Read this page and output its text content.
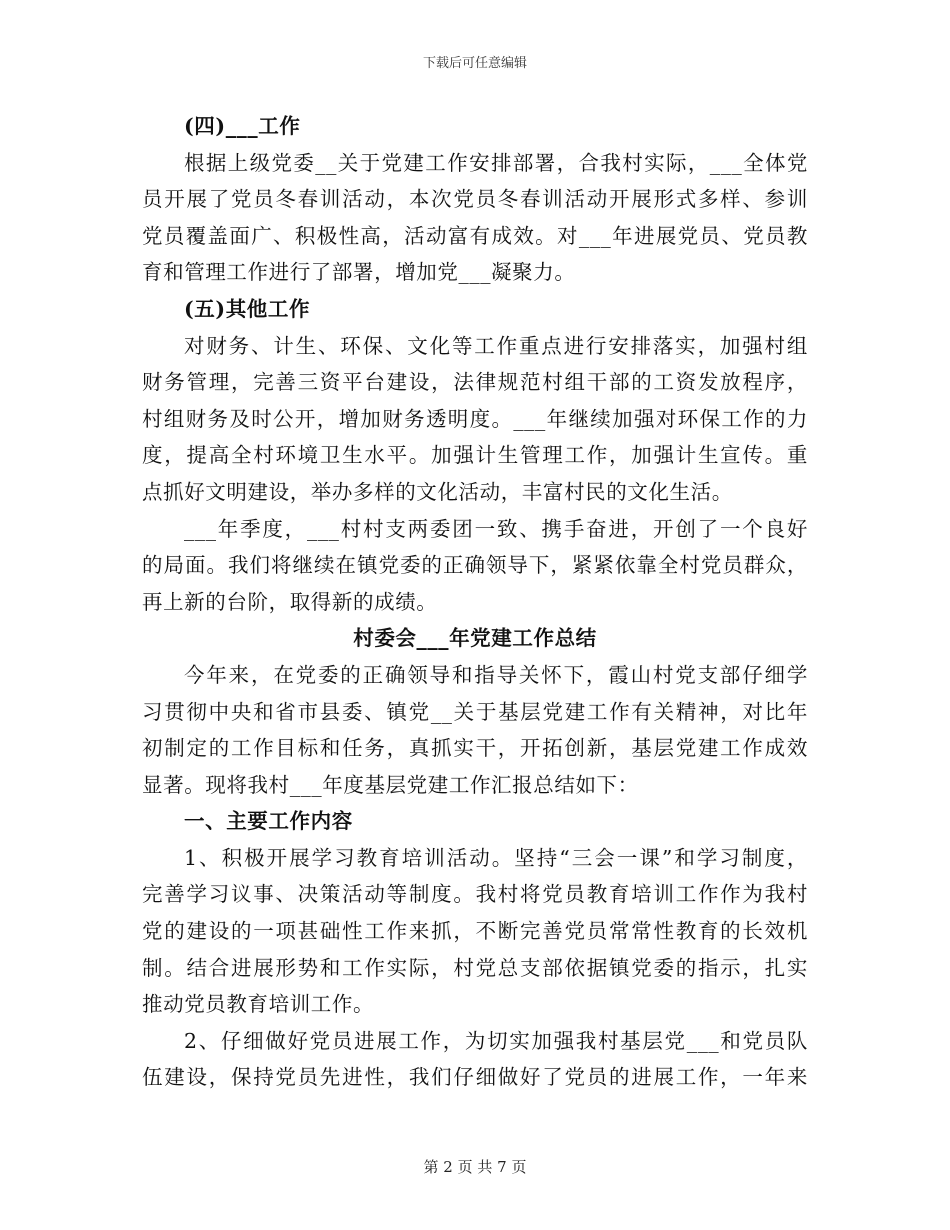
下载后可任意编辑
(四)___工作
根据上级党委__关于党建工作安排部署，合我村实际，___全体党
员开展了党员冬春训活动，本次党员冬春训活动开展形式多样、参训
党员覆盖面广、积极性高，活动富有成效。对___年进展党员、党员教
育和管理工作进行了部署，增加党___凝聚力。
(五)其他工作
对财务、计生、环保、文化等工作重点进行安排落实，加强村组
财务管理，完善三资平台建设，法律规范村组干部的工资发放程序，
村组财务及时公开，增加财务透明度。___年继续加强对环保工作的力
度，提高全村环境卫生水平。加强计生管理工作，加强计生宣传。重
点抓好文明建设，举办多样的文化活动，丰富村民的文化生活。
___年季度，___村村支两委团一致、携手奋进，开创了一个良好
的局面。我们将继续在镇党委的正确领导下，紧紧依靠全村党员群众，
再上新的台阶，取得新的成绩。
村委会___年党建工作总结
今年来，在党委的正确领导和指导关怀下，霞山村党支部仔细学
习贯彻中央和省市县委、镇党__关于基层党建工作有关精神，对比年
初制定的工作目标和任务，真抓实干，开拓创新，基层党建工作成效
显著。现将我村___年度基层党建工作汇报总结如下：
一、主要工作内容
1、积极开展学习教育培训活动。坚持“三会一课”和学习制度，
完善学习议事、决策活动等制度。我村将党员教育培训工作作为我村
党的建设的一项甚础性工作来抓，不断完善党员常常性教育的长效机
制。结合进展形势和工作实际，村党总支部依据镇党委的指示，扎实
推动党员教育培训工作。
2、仔细做好党员进展工作，为切实加强我村基层党___和党员队
伍建设，保持党员先进性，我们仔细做好了党员的进展工作，一年来
第 2 页 共 7 页
